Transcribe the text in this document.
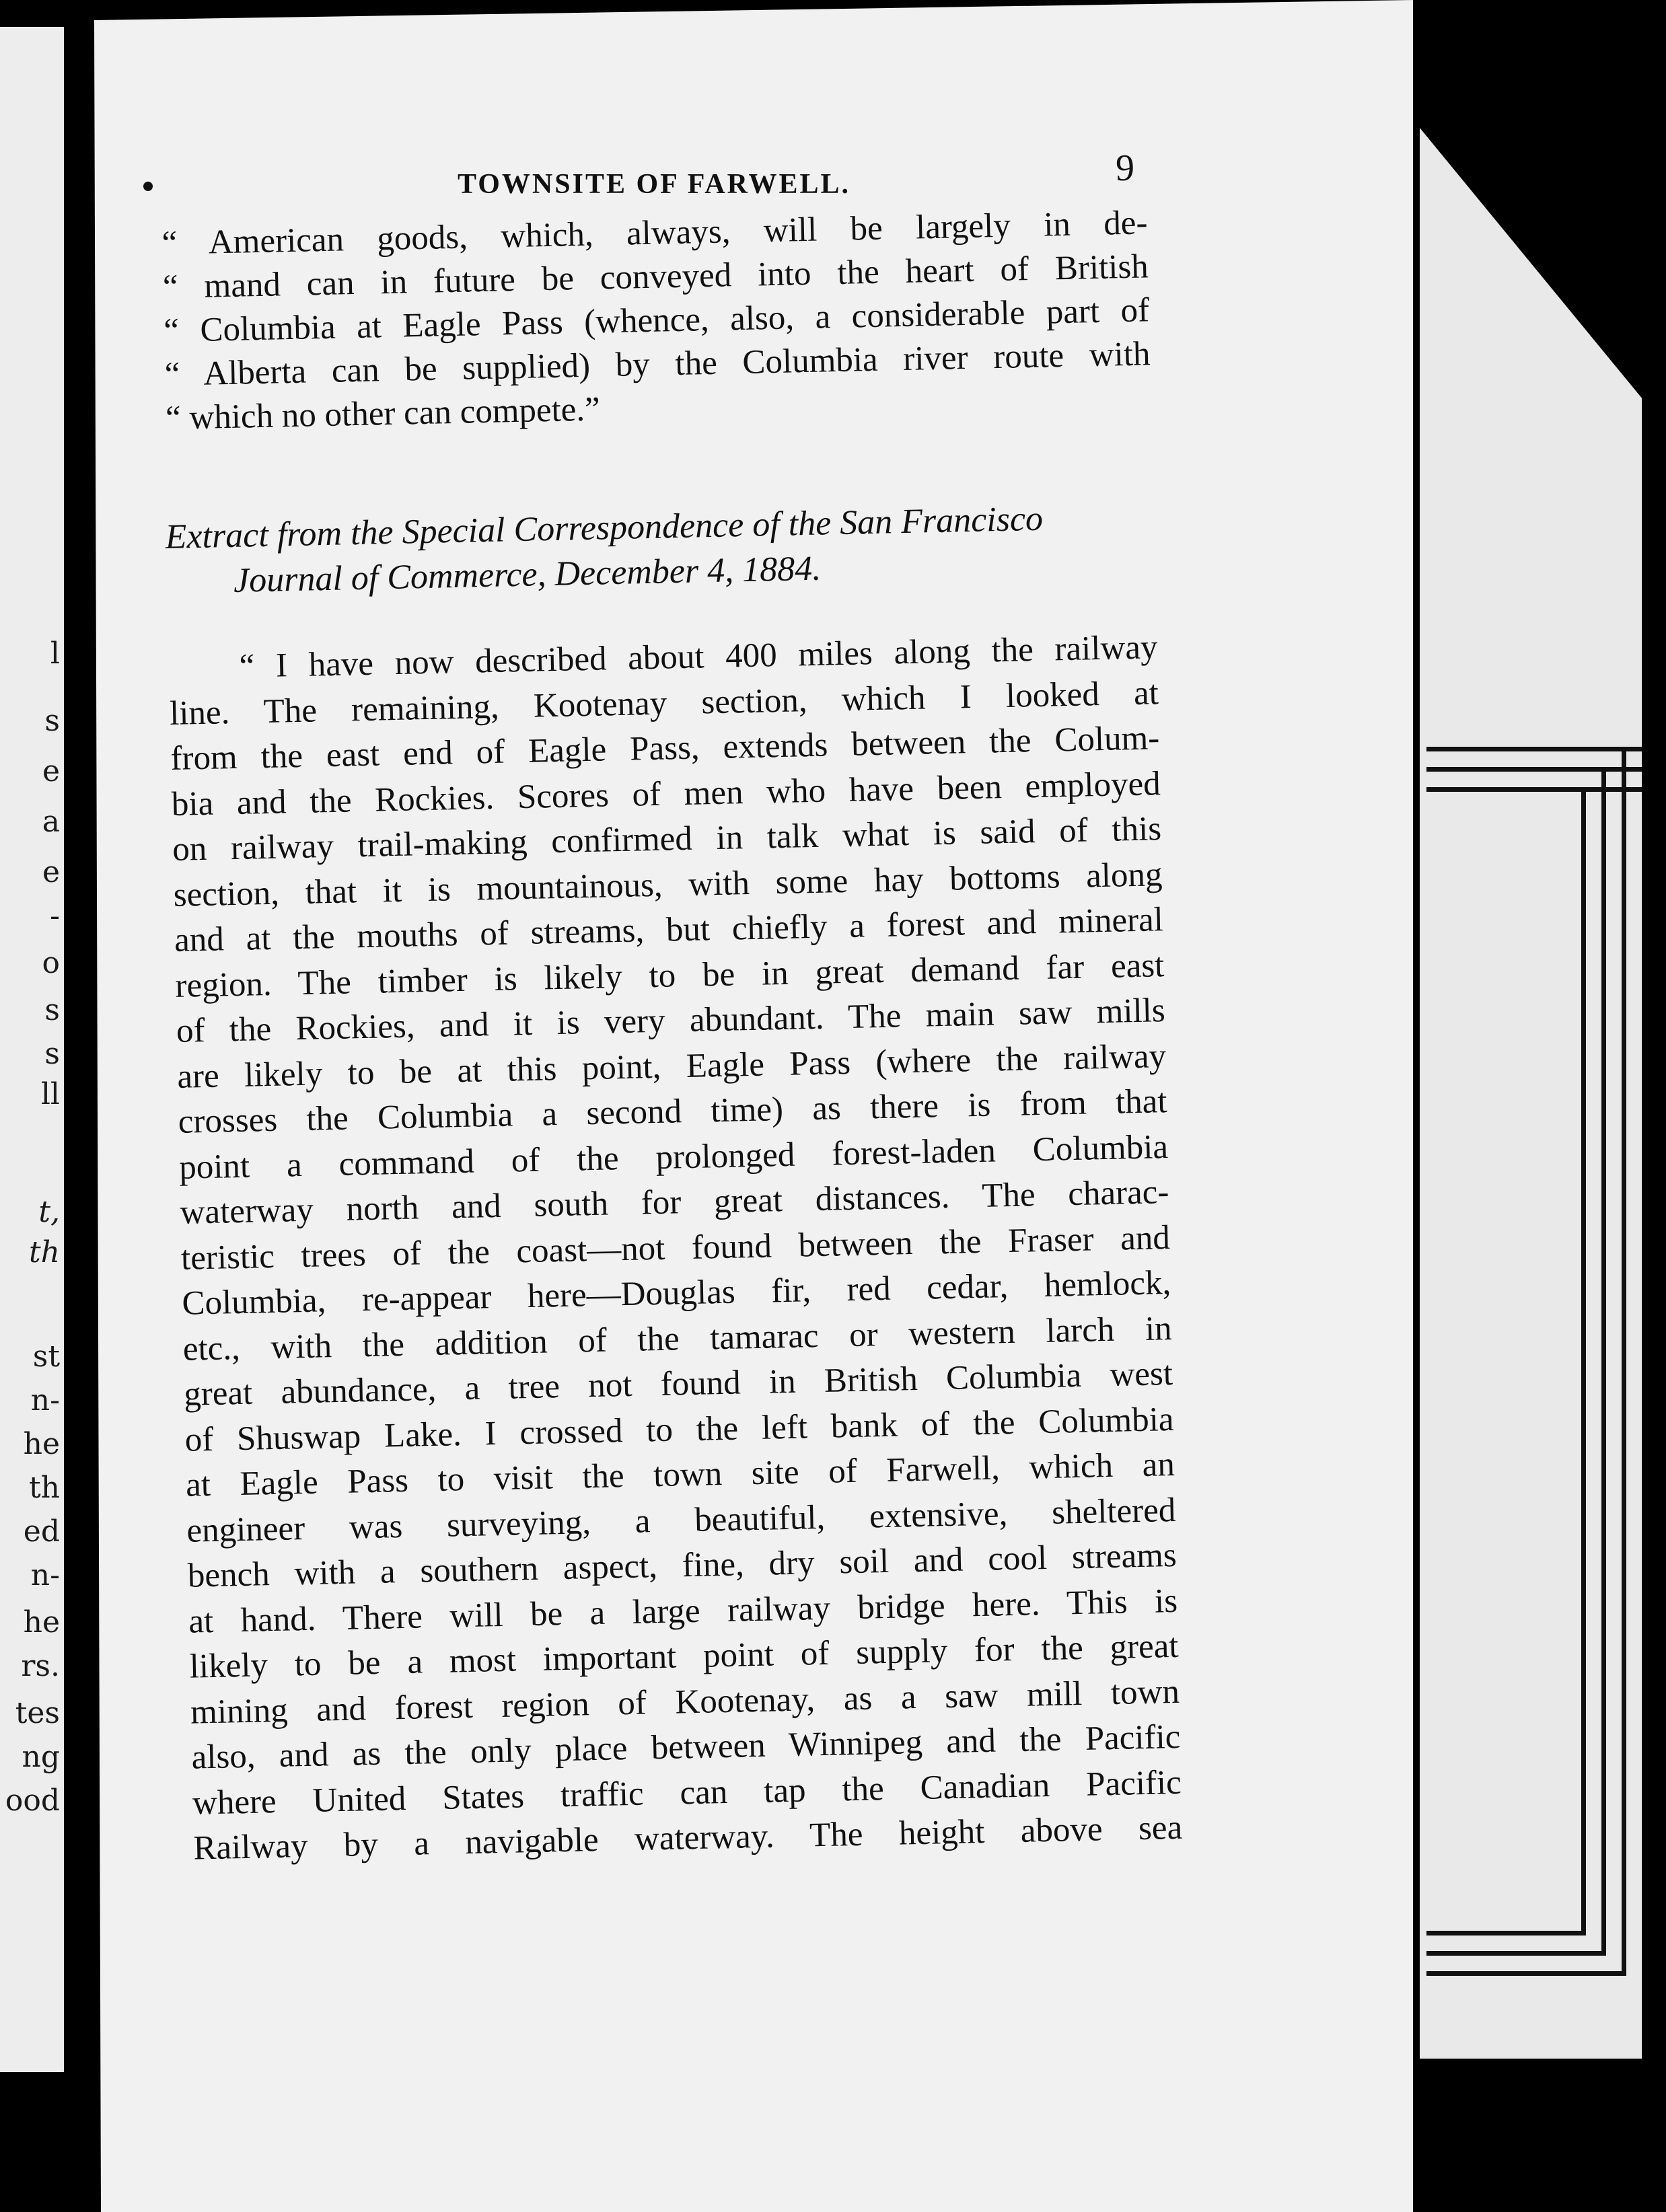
l
s
e
a
e
-
o
s
s
ll
t,
th
st
n-
he
th
ed
n-
he
rs.
tes
ng
ood
TOWNSITE OF FARWELL.	9
“ American goods, which, always, will be largely in de-
“ mand can in future be conveyed into the heart of British
“ Columbia at Eagle Pass (whence, also, a considerable part of
“ Alberta can be supplied) by the Columbia river route with
“ which no other can compete.”
Extract from the Special Correspondence of the San Francisco
Journal of Commerce, December 4, 1884.
“ I have now described about 400 miles along the railway
line. The remaining, Kootenay section, which I looked at
from the east end of Eagle Pass, extends between the Colum-
bia and the Rockies. Scores of men who have been employed
on railway trail-making confirmed in talk what is said of this
section, that it is mountainous, with some hay bottoms along
and at the mouths of streams, but chiefly a forest and mineral
region. The timber is likely to be in great demand far east
of the Rockies, and it is very abundant. The main saw mills
are likely to be at this point, Eagle Pass (where the railway
crosses the Columbia a second time) as there is from that
point a command of the prolonged forest-laden Columbia
waterway north and south for great distances. The charac-
teristic trees of the coast—not found between the Fraser and
Columbia, re-appear here—Douglas fir, red cedar, hemlock,
etc., with the addition of the tamarac or western larch in
great abundance, a tree not found in British Columbia west
of Shuswap Lake. I crossed to the left bank of the Columbia
at Eagle Pass to visit the town site of Farwell, which an
engineer was surveying, a beautiful, extensive, sheltered
bench with a southern aspect, fine, dry soil and cool streams
at hand. There will be a large railway bridge here. This is
likely to be a most important point of supply for the great
mining and forest region of Kootenay, as a saw mill town
also, and as the only place between Winnipeg and the Pacific
where United States traffic can tap the Canadian Pacific
Railway by a navigable waterway. The height above sea
